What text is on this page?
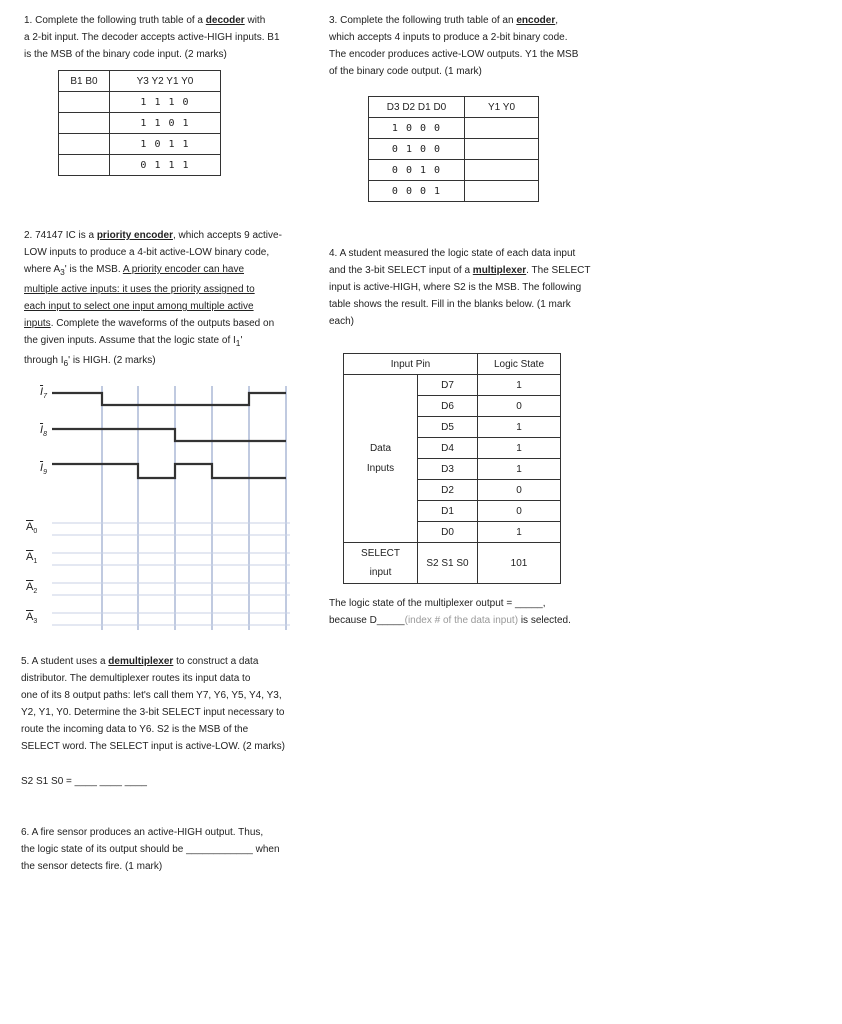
1. Complete the following truth table of a decoder with

a 2-bit input. The decoder accepts active-HIGH inputs. B1

is the MSB of the binary code input. (2 marks)

B1 B0	Y3 Y2 Y1 Y0
	1 1 1 0
	1 1 0 1
	1 0 1 1
	0 1 1 1

3. Complete the following truth table of an encoder,

which accepts 4 inputs to produce a 2-bit binary code.

The encoder produces active-LOW outputs. Y1 the MSB

of the binary code output. (1 mark)

D3 D2 D1 D0	Y1 Y0
1 0 0 0	
0 1 0 0	
0 0 1 0	
0 0 0 1	

2. 74147 IC is a priority encoder, which accepts 9 active-

LOW inputs to produce a 4-bit active-LOW binary code,

where $A_3'$ is the MSB. A priority encoder can have

multiple active inputs: it uses the priority assigned to

each input to select one input among multiple active

inputs. Complete the waveforms of the outputs based on

the given inputs. Assume that the logic state of $I_1'$

through $I_6'$ is HIGH. (2 marks)

$\overline{I}_7$
$\overline{I}_8$
$\overline{I}_9$
$\overline{A}_0$
$\overline{A}_1$
$\overline{A}_2$
$\overline{A}_3$

4. A student measured the logic state of each data input

and the 3-bit SELECT input of a multiplexer. The SELECT

input is active-HIGH, where S2 is the MSB. The following

table shows the result. Fill in the blanks below. (1 mark

each)

Input Pin		Logic State

Data
Inputs	D7	1
	D6	0
	D5	1
	D4	1
	D3	1
	D2	0
	D1	0
	D0	1

SELECT
input	S2 S1 S0	101

The logic state of the multiplexer output = _____,

because D_____(index # of the data input) is selected.

5. A student uses a demultiplexer to construct a data

distributor. The demultiplexer routes its input data to

one of its 8 output paths: let's call them Y7, Y6, Y5, Y4, Y3,

Y2, Y1, Y0. Determine the 3-bit SELECT input necessary to

route the incoming data to Y6. S2 is the MSB of the

SELECT word. The SELECT input is active-LOW. (2 marks)

S2 S1 S0 = ____ ____ ____

6. A fire sensor produces an active-HIGH output. Thus,

the logic state of its output should be ____________ when

the sensor detects fire. (1 mark)
